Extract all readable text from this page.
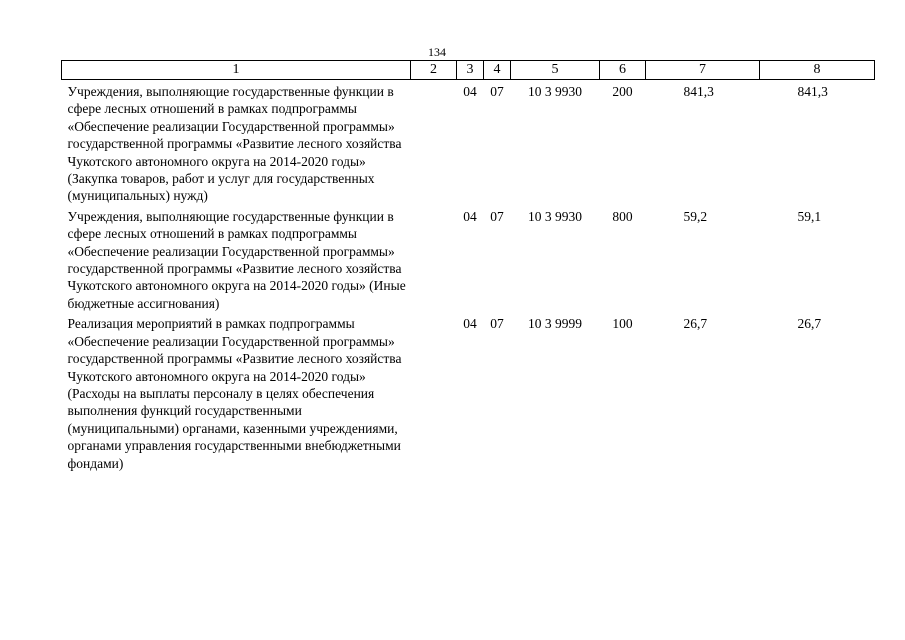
134
1	2	3	4	5	6	7	8
Учреждения, выполняющие государственные функции в сфере лесных отношений в рамках подпрограммы «Обеспечение реализации Государственной программы» государственной программы «Развитие лесного хозяйства Чукотского автономного округа на 2014-2020 годы» (Закупка товаров, работ и услуг для государственных (муниципальных) нужд)		04	07	10 3 9930	200	841,3	841,3
Учреждения, выполняющие государственные функции в сфере лесных отношений в рамках подпрограммы «Обеспечение реализации Государственной программы» государственной программы «Развитие лесного хозяйства Чукотского автономного округа на 2014-2020 годы» (Иные бюджетные ассигнования)		04	07	10 3 9930	800	59,2	59,1
Реализация мероприятий в рамках подпрограммы «Обеспечение реализации Государственной программы» государственной программы «Развитие лесного хозяйства Чукотского автономного округа на 2014-2020 годы» (Расходы на выплаты персоналу в целях обеспечения выполнения функций государственными (муниципальными) органами, казенными учреждениями, органами управления государственными внебюджетными фондами)		04	07	10 3 9999	100	26,7	26,7
